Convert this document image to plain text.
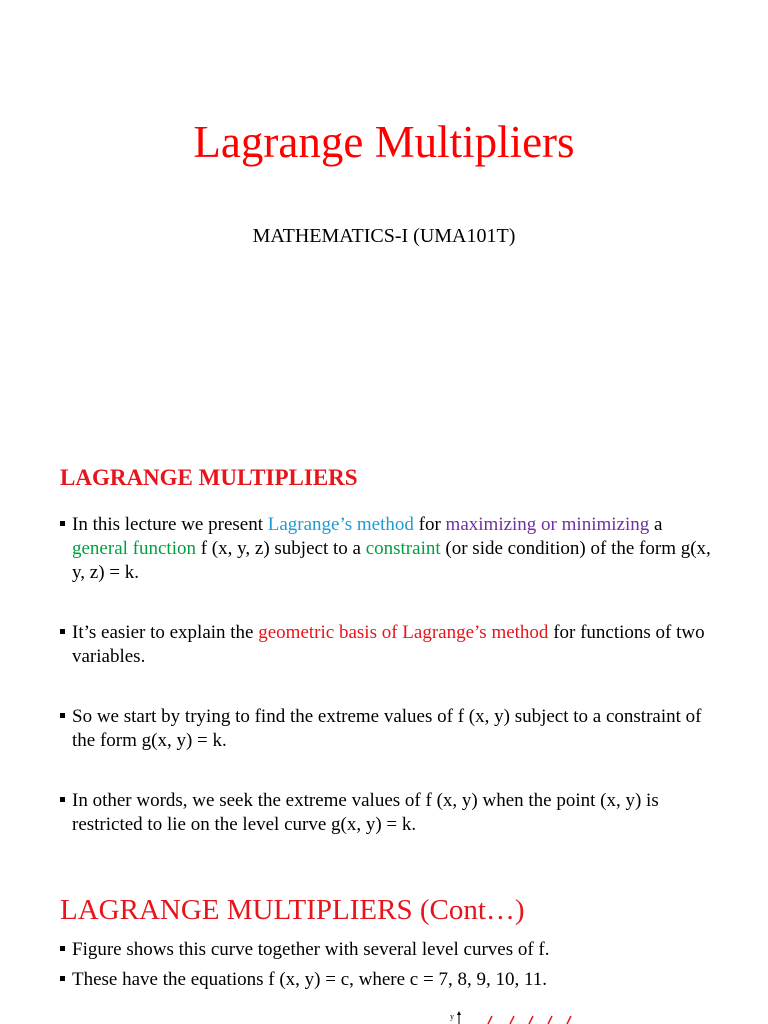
Lagrange Multipliers
MATHEMATICS-I (UMA101T)
LAGRANGE MULTIPLIERS
In this lecture we present Lagrange’s method for maximizing or minimizing a general function f (x, y, z) subject to a constraint (or side condition) of the form g(x, y, z) = k.
It’s easier to explain the geometric basis of Lagrange’s method for functions of two variables.
So we start by trying to find the extreme values of f (x, y) subject to a constraint of the form g(x, y) = k.
In other words, we seek the extreme values of f (x, y) when the point (x, y) is restricted to lie on the level curve g(x, y) = k.
LAGRANGE MULTIPLIERS (Cont…)
Figure shows this curve together with several level curves of f.
These have the equations f (x, y) = c, where c = 7, 8, 9, 10, 11.
y
